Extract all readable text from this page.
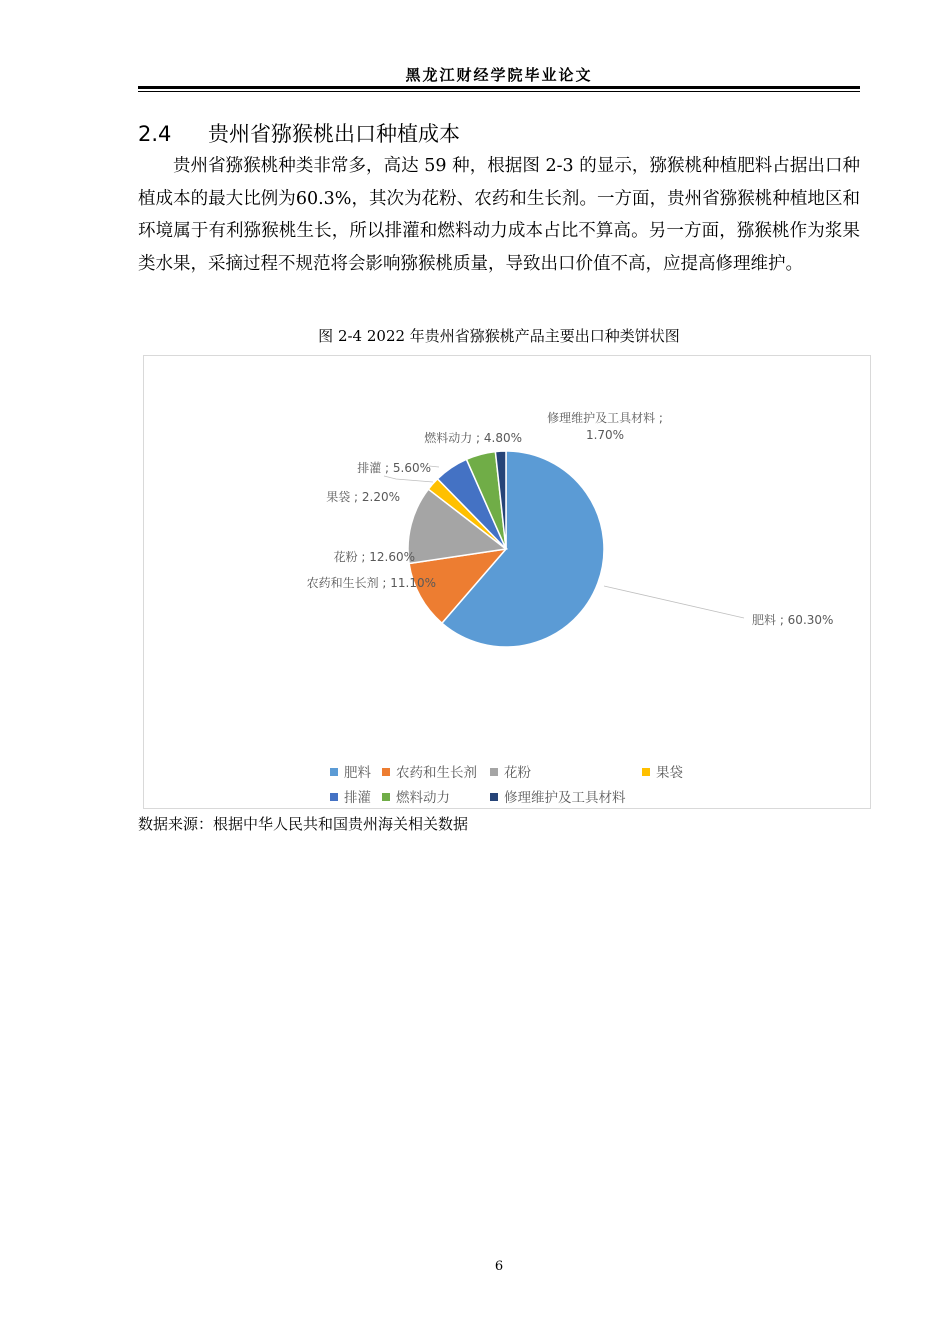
黑龙江财经学院毕业论文
2.4 贵州省猕猴桃出口种植成本
贵州省猕猴桃种类非常多，高达 59 种，根据图 2-3 的显示，猕猴桃种植肥料占据出口种植成本的最大比例为60.3%，其次为花粉、农药和生长剂。一方面，贵州省猕猴桃种植地区和环境属于有利猕猴桃生长，所以排灌和燃料动力成本占比不算高。另一方面，猕猴桃作为浆果类水果，采摘过程不规范将会影响猕猴桃质量，导致出口价值不高，应提高修理维护。
图 2-4 2022 年贵州省猕猴桃产品主要出口种类饼状图
肥料 ; 60.30%
农药和生长剂 ; 11.10%
花粉 ; 12.60%
果袋 ; 2.20%
排灌 ; 5.60%
燃料动力 ; 4.80%
修理维护及工具材料 ;
1.70%
肥料	农药和生长剂	花粉	果袋
排灌	燃料动力	修理维护及工具材料
数据来源：根据中华人民共和国贵州海关相关数据
6
